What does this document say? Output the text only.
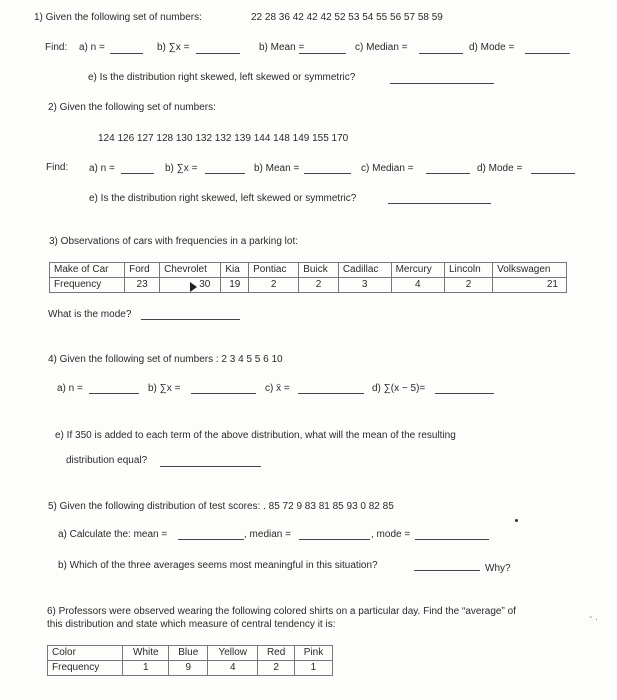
1) Given the following set of numbers:	22 28 36 42 42 42 52 53 54 55 56 57 58 59
Find: a) n =	b) ∑x =	b) Mean =	c) Median =	d) Mode =
e) Is the distribution right skewed, left skewed or symmetric?
2) Given the following set of numbers:
124 126 127 128 130 132 132 139 144 148 149 155 170
Find: a) n =	b) ∑x =	b) Mean =	c) Median =	d) Mode =
e) Is the distribution right skewed, left skewed or symmetric?
3) Observations of cars with frequencies in a parking lot:
Make of Car	Ford	Chevrolet	Kia	Pontiac	Buick	Cadillac	Mercury	Lincoln	Volkswagen
Frequency	23	30	19	2	2	3	4	2	21
What is the mode?
4) Given the following set of numbers : 2 3 4 5 5 6 10
a) n =	b) ∑x =	c) x̄ =	d) ∑(x − 5)=
e) If 350 is added to each term of the above distribution, what will the mean of the resulting
distribution equal?
5) Given the following distribution of test scores: . 85 72 9 83 81 85 93 0 82 85
a) Calculate the: mean =	, median =	, mode =
b) Which of the three averages seems most meaningful in this situation?	Why?
6) Professors were observed wearing the following colored shirts on a particular day. Find the “average” of
this distribution and state which measure of central tendency it is:
- .
Color	White	Blue	Yellow	Red	Pink
Frequency	1	9	4	2	1
